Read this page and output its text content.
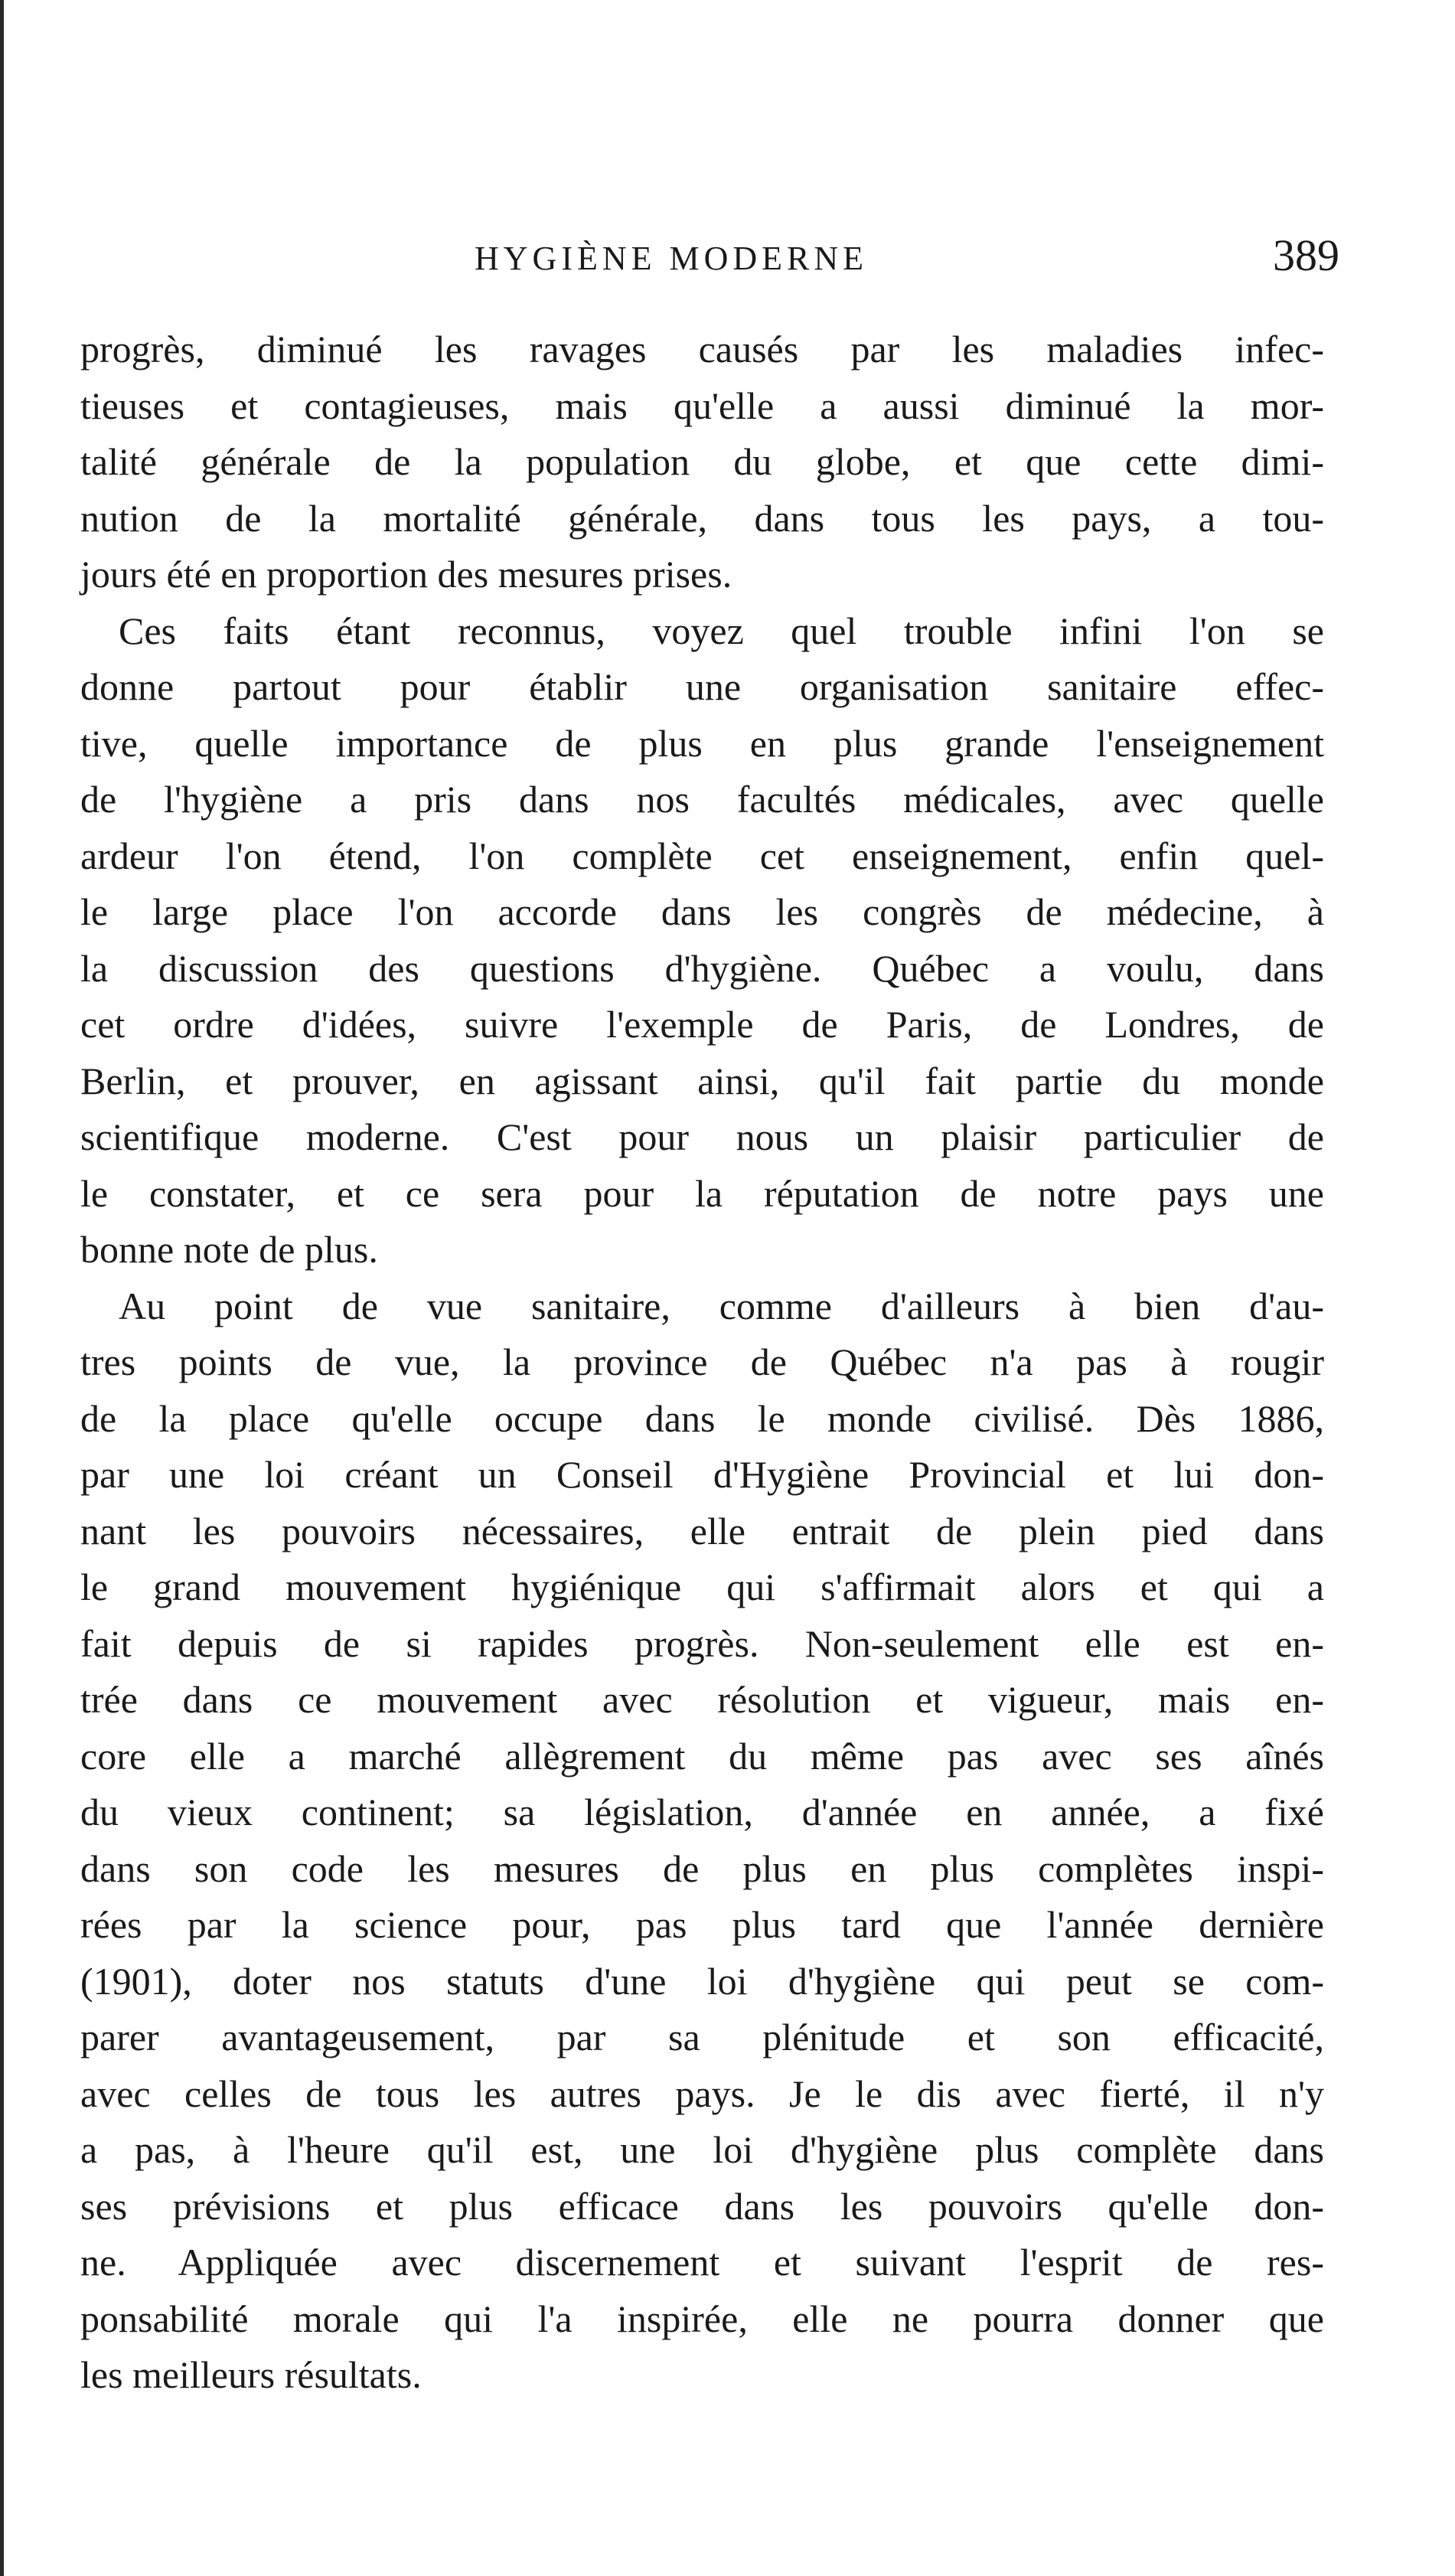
HYGIÈNE MODERNE	389
progrès, diminué les ravages causés par les maladies infec-
tieuses et contagieuses, mais qu'elle a aussi diminué la mor-
talité générale de la population du globe, et que cette dimi-
nution de la mortalité générale, dans tous les pays, a tou-
jours été en proportion des mesures prises.
Ces faits étant reconnus, voyez quel trouble infini l'on se
donne partout pour établir une organisation sanitaire effec-
tive, quelle importance de plus en plus grande l'enseignement
de l'hygiène a pris dans nos facultés médicales, avec quelle
ardeur l'on étend, l'on complète cet enseignement, enfin quel-
le large place l'on accorde dans les congrès de médecine, à
la discussion des questions d'hygiène. Québec a voulu, dans
cet ordre d'idées, suivre l'exemple de Paris, de Londres, de
Berlin, et prouver, en agissant ainsi, qu'il fait partie du monde
scientifique moderne. C'est pour nous un plaisir particulier de
le constater, et ce sera pour la réputation de notre pays une
bonne note de plus.
Au point de vue sanitaire, comme d'ailleurs à bien d'au-
tres points de vue, la province de Québec n'a pas à rougir
de la place qu'elle occupe dans le monde civilisé. Dès 1886,
par une loi créant un Conseil d'Hygiène Provincial et lui don-
nant les pouvoirs nécessaires, elle entrait de plein pied dans
le grand mouvement hygiénique qui s'affirmait alors et qui a
fait depuis de si rapides progrès. Non-seulement elle est en-
trée dans ce mouvement avec résolution et vigueur, mais en-
core elle a marché allègrement du même pas avec ses aînés
du vieux continent; sa législation, d'année en année, a fixé
dans son code les mesures de plus en plus complètes inspi-
rées par la science pour, pas plus tard que l'année dernière
(1901), doter nos statuts d'une loi d'hygiène qui peut se com-
parer avantageusement, par sa plénitude et son efficacité,
avec celles de tous les autres pays. Je le dis avec fierté, il n'y
a pas, à l'heure qu'il est, une loi d'hygiène plus complète dans
ses prévisions et plus efficace dans les pouvoirs qu'elle don-
ne. Appliquée avec discernement et suivant l'esprit de res-
ponsabilité morale qui l'a inspirée, elle ne pourra donner que
les meilleurs résultats.
